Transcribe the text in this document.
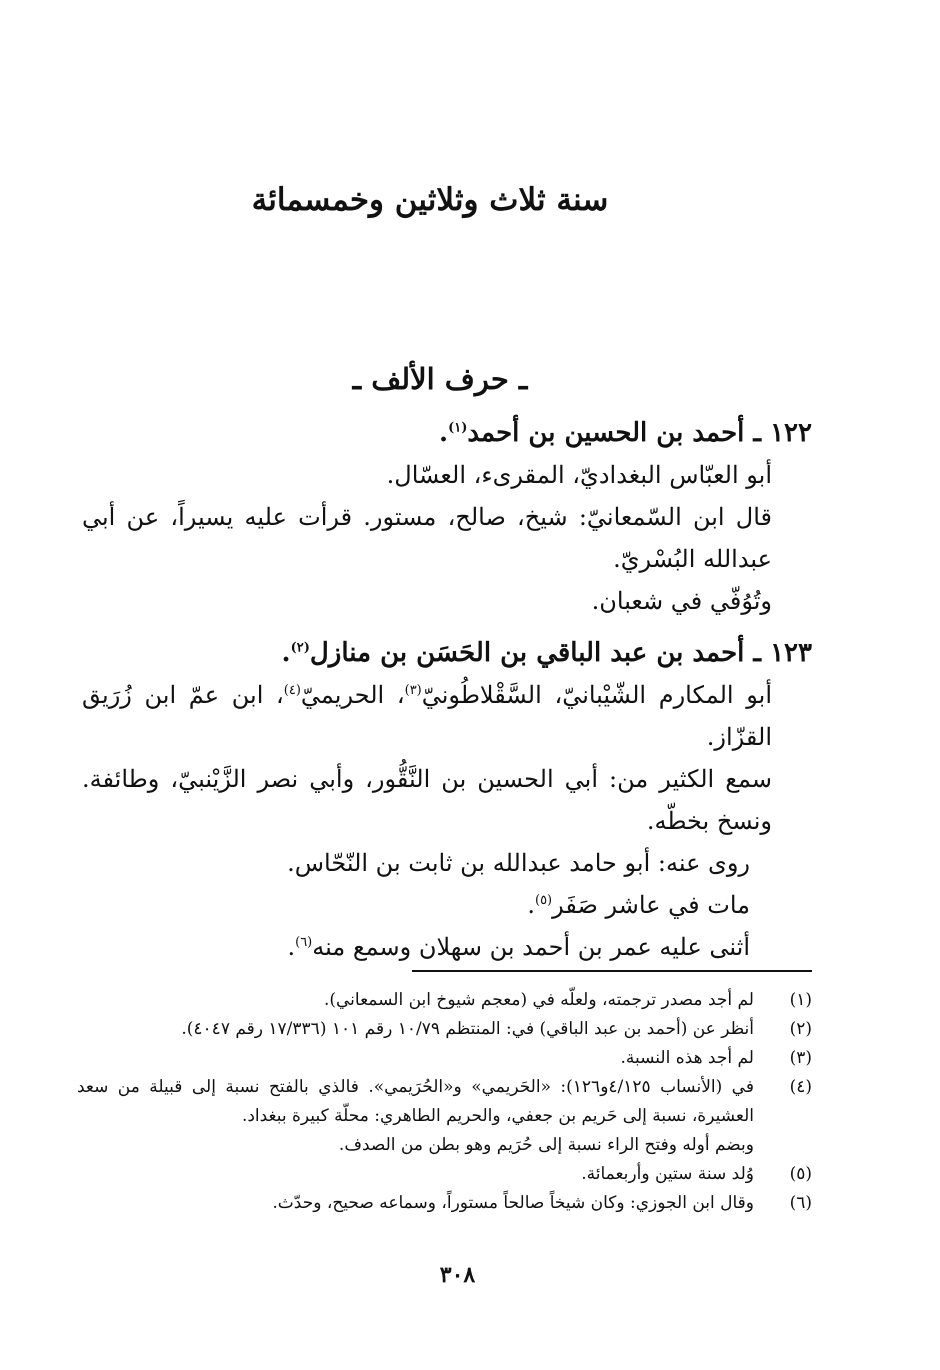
سنة ثلاث وثلاثين وخمسمائة
ـ حرف الألف ـ

١٢٢ ـ أحمد بن الحسين بن أحمد$^{(١)}$.

أبو العبّاس البغداديّ، المقرىء، العسّال.

قال ابن السّمعانيّ: شيخ، صالح، مستور. قرأت عليه يسيراً، عن أبي عبدالله البُسْريّ.

وتُوُفّي في شعبان.

١٢٣ ـ أحمد بن عبد الباقي بن الحَسَن بن منازل$^{(٢)}$.

أبو المكارم الشّيْبانيّ، السَّقْلاطُونيّ$^{(٣)}$، الحريميّ$^{(٤)}$، ابن عمّ ابن زُرَيق القزّاز.

سمع الكثير من: أبي الحسين بن النَّقُّور، وأبي نصر الزَّيْنبيّ، وطائفة. ونسخ بخطّه.

روى عنه: أبو حامد عبدالله بن ثابت بن النّحّاس.

مات في عاشر صَفَر$^{(٥)}$.

أثنى عليه عمر بن أحمد بن سهلان وسمع منه$^{(٦)}$.

(١)
لم أجد مصدر ترجمته، ولعلّه في (معجم شيوخ ابن السمعاني).
(٢)
أنظر عن (أحمد بن عبد الباقي) في: المنتظم ١٠/٧٩ رقم ١٠١ (١٧/٣٣٦ رقم ٤٠٤٧).
(٣)
لم أجد هذه النسبة.
(٤)
في (الأنساب ٤/١٢٥و١٢٦): «الحَريمي» و«الحُرَيمي». فالذي بالفتح نسبة إلى قبيلة من سعد العشيرة، نسبة إلى حَريم بن جعفي، والحريم الطاهري: محلّة كبيرة ببغداد.
وبضم أوله وفتح الراء نسبة إلى حُرَيم وهو بطن من الصدف.
(٥)
وُلد سنة ستين وأربعمائة.
(٦)
وقال ابن الجوزي: وكان شيخاً صالحاً مستوراً، وسماعه صحيح، وحدّث.
٣٠٨
